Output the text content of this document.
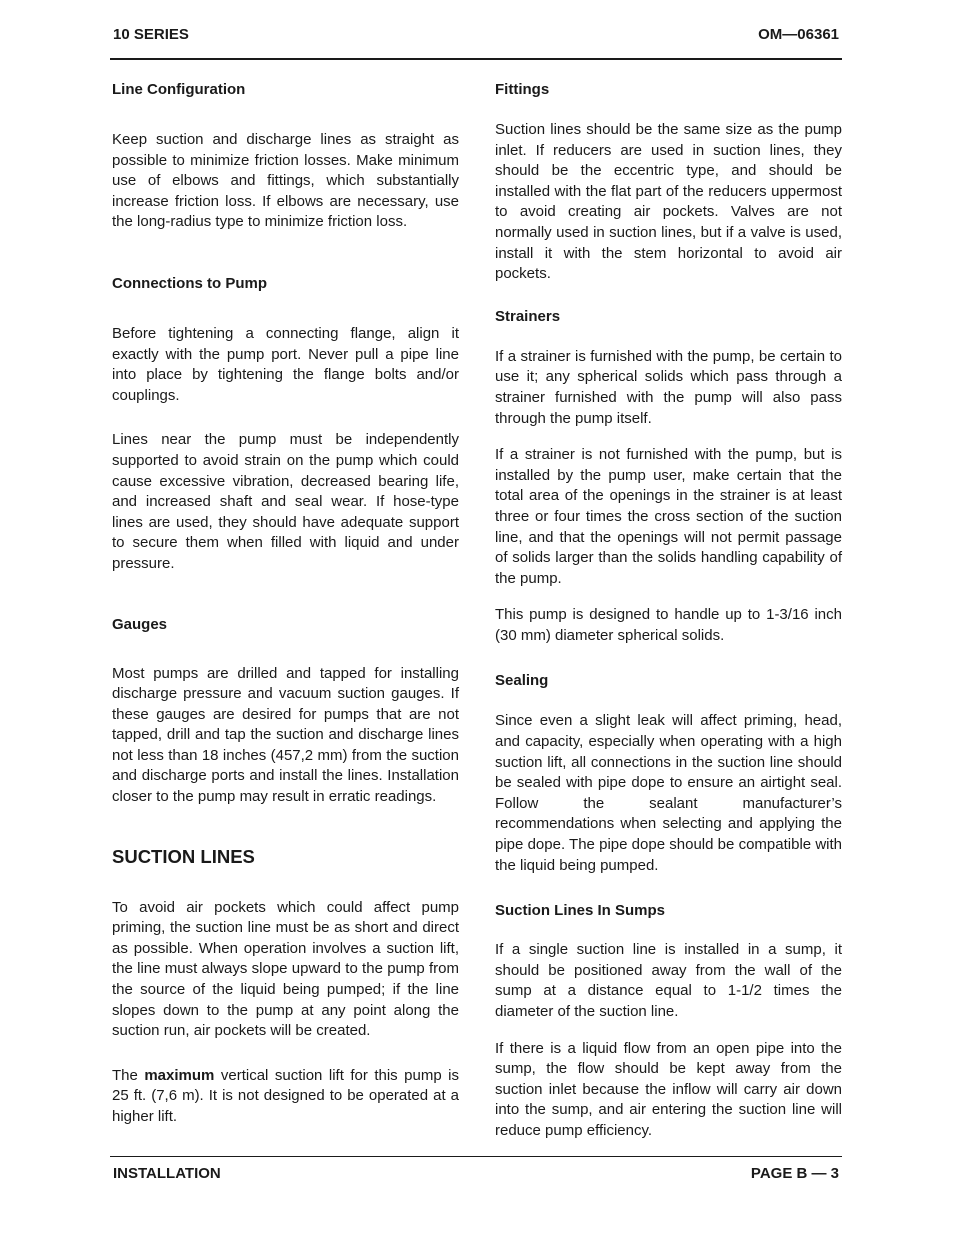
10 SERIES	OM—06361
Line Configuration

Keep suction and discharge lines as straight as possible to minimize friction losses. Make minimum use of elbows and fittings, which substantially increase friction loss. If elbows are necessary, use the long-radius type to minimize friction loss.

Connections to Pump

Before tightening a connecting flange, align it exactly with the pump port. Never pull a pipe line into place by tightening the flange bolts and/or couplings.

Lines near the pump must be independently supported to avoid strain on the pump which could cause excessive vibration, decreased bearing life, and increased shaft and seal wear. If hose-type lines are used, they should have adequate support to secure them when filled with liquid and under pressure.

Gauges

Most pumps are drilled and tapped for installing discharge pressure and vacuum suction gauges. If these gauges are desired for pumps that are not tapped, drill and tap the suction and discharge lines not less than 18 inches (457,2 mm) from the suction and discharge ports and install the lines. Installation closer to the pump may result in erratic readings.

SUCTION LINES

To avoid air pockets which could affect pump priming, the suction line must be as short and direct as possible. When operation involves a suction lift, the line must always slope upward to the pump from the source of the liquid being pumped; if the line slopes down to the pump at any point along the suction run, air pockets will be created.

The maximum vertical suction lift for this pump is 25 ft. (7,6 m). It is not designed to be operated at a higher lift.

Fittings

Suction lines should be the same size as the pump inlet. If reducers are used in suction lines, they should be the eccentric type, and should be installed with the flat part of the reducers uppermost to avoid creating air pockets. Valves are not normally used in suction lines, but if a valve is used, install it with the stem horizontal to avoid air pockets.

Strainers

If a strainer is furnished with the pump, be certain to use it; any spherical solids which pass through a strainer furnished with the pump will also pass through the pump itself.

If a strainer is not furnished with the pump, but is installed by the pump user, make certain that the total area of the openings in the strainer is at least three or four times the cross section of the suction line, and that the openings will not permit passage of solids larger than the solids handling capability of the pump.

This pump is designed to handle up to 1-3/16 inch (30 mm) diameter spherical solids.

Sealing

Since even a slight leak will affect priming, head, and capacity, especially when operating with a high suction lift, all connections in the suction line should be sealed with pipe dope to ensure an airtight seal. Follow the sealant manufacturer’s recommendations when selecting and applying the pipe dope. The pipe dope should be compatible with the liquid being pumped.

Suction Lines In Sumps

If a single suction line is installed in a sump, it should be positioned away from the wall of the sump at a distance equal to 1-1/2 times the diameter of the suction line.

If there is a liquid flow from an open pipe into the sump, the flow should be kept away from the suction inlet because the inflow will carry air down into the sump, and air entering the suction line will reduce pump efficiency.

INSTALLATION	PAGE B — 3
